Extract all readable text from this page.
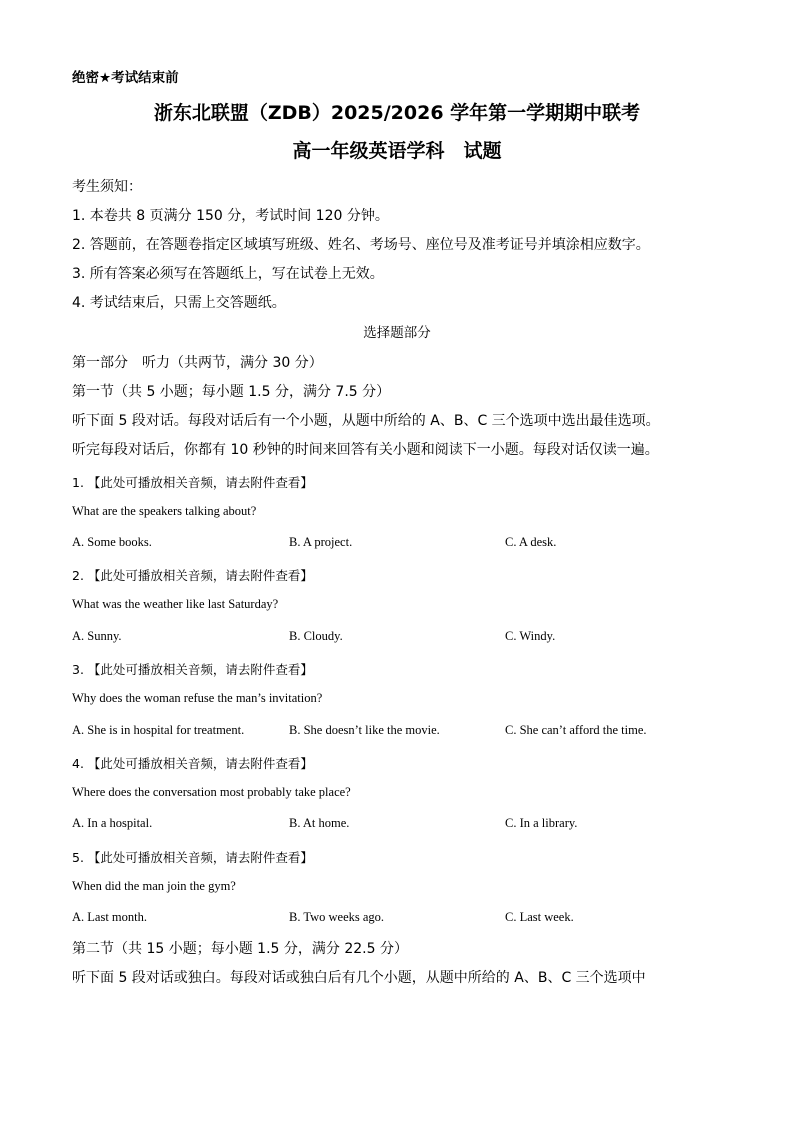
绝密★考试结束前
浙东北联盟（ZDB）2025/2026 学年第一学期期中联考
高一年级英语学科　试题
考生须知：
1. 本卷共 8 页满分 150 分，考试时间 120 分钟。
2. 答题前，在答题卷指定区域填写班级、姓名、考场号、座位号及准考证号并填涂相应数字。
3. 所有答案必须写在答题纸上，写在试卷上无效。
4. 考试结束后，只需上交答题纸。
选择题部分
第一部分　听力（共两节，满分 30 分）
第一节（共 5 小题；每小题 1.5 分，满分 7.5 分）
听下面 5 段对话。每段对话后有一个小题，从题中所给的 A、B、C 三个选项中选出最佳选项。
听完每段对话后，你都有 10 秒钟的时间来回答有关小题和阅读下一小题。每段对话仅读一遍。
1. 【此处可播放相关音频，请去附件查看】
What are the speakers talking about?
A. Some books.	B. A project.	C. A desk.
2. 【此处可播放相关音频，请去附件查看】
What was the weather like last Saturday?
A. Sunny.	B. Cloudy.	C. Windy.
3. 【此处可播放相关音频，请去附件查看】
Why does the woman refuse the man’s invitation?
A. She is in hospital for treatment.	B. She doesn’t like the movie.	C. She can’t afford the time.
4. 【此处可播放相关音频，请去附件查看】
Where does the conversation most probably take place?
A. In a hospital.	B. At home.	C. In a library.
5. 【此处可播放相关音频，请去附件查看】
When did the man join the gym?
A. Last month.	B. Two weeks ago.	C. Last week.
第二节（共 15 小题；每小题 1.5 分，满分 22.5 分）
听下面 5 段对话或独白。每段对话或独白后有几个小题，从题中所给的 A、B、C 三个选项中
